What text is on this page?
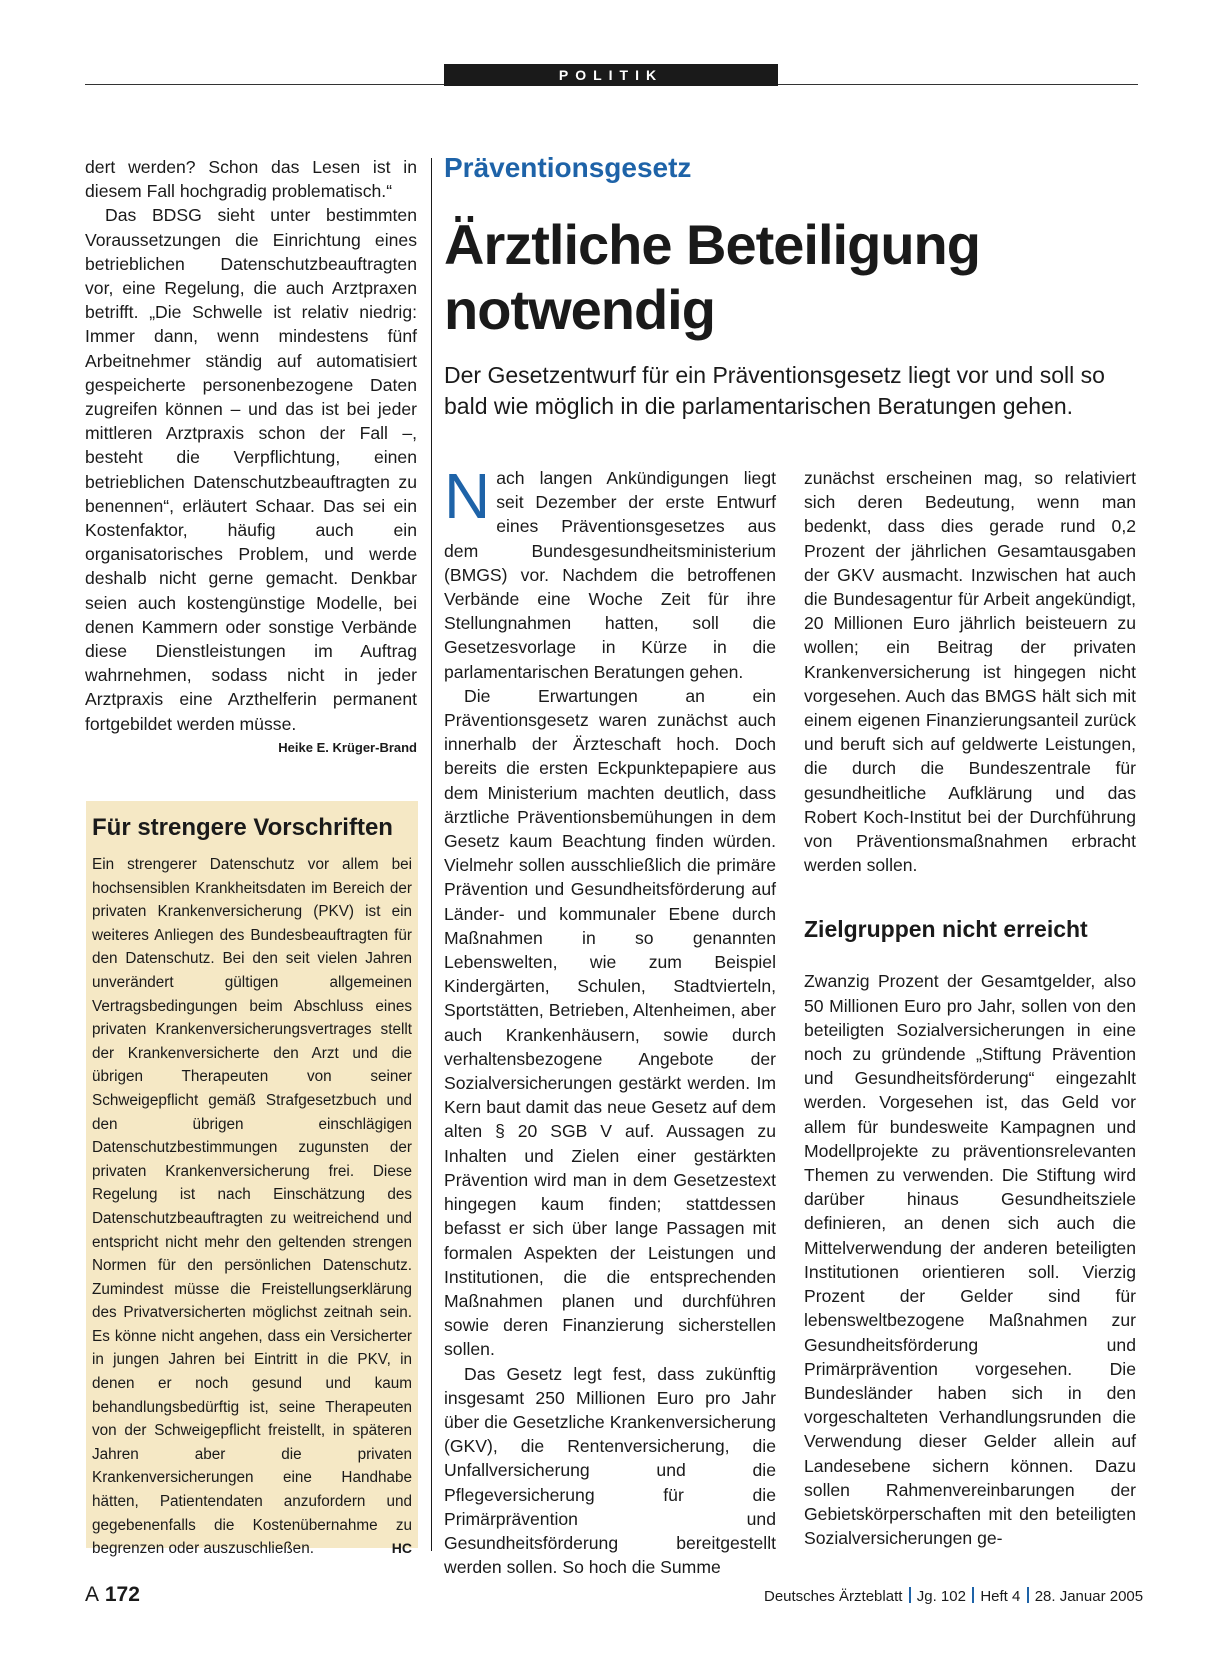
POLITIK

dert werden? Schon das Lesen ist in diesem Fall hochgradig problematisch.“

Das BDSG sieht unter bestimmten Voraussetzungen die Einrichtung eines betrieblichen Datenschutzbeauftragten vor, eine Regelung, die auch Arztpraxen betrifft. „Die Schwelle ist relativ niedrig: Immer dann, wenn mindestens fünf Arbeitnehmer ständig auf automatisiert gespeicherte personenbezogene Daten zugreifen können – und das ist bei jeder mittleren Arztpraxis schon der Fall –, besteht die Verpflichtung, einen betrieblichen Datenschutzbeauftragten zu benennen“, erläutert Schaar. Das sei ein Kostenfaktor, häufig auch ein organisatorisches Problem, und werde deshalb nicht gerne gemacht. Denkbar seien auch kostengünstige Modelle, bei denen Kammern oder sonstige Verbände diese Dienstleistungen im Auftrag wahrnehmen, sodass nicht in jeder Arztpraxis eine Arzthelferin permanent fortgebildet werden müsse.
Heike E. Krüger-Brand

Für strengere Vorschriften

Ein strengerer Datenschutz vor allem bei hochsensiblen Krankheitsdaten im Bereich der privaten Krankenversicherung (PKV) ist ein weiteres Anliegen des Bundesbeauftragten für den Datenschutz. Bei den seit vielen Jahren unverändert gültigen allgemeinen Vertragsbedingungen beim Abschluss eines privaten Krankenversicherungsvertrages stellt der Krankenversicherte den Arzt und die übrigen Therapeuten von seiner Schweigepflicht gemäß Strafgesetzbuch und den übrigen einschlägigen Datenschutzbestimmungen zugunsten der privaten Krankenversicherung frei. Diese Regelung ist nach Einschätzung des Datenschutzbeauftragten zu weitreichend und entspricht nicht mehr den geltenden strengen Normen für den persönlichen Datenschutz. Zumindest müsse die Freistellungserklärung des Privatversicherten möglichst zeitnah sein. Es könne nicht angehen, dass ein Versicherter in jungen Jahren bei Eintritt in die PKV, in denen er noch gesund und kaum behandlungsbedürftig ist, seine Therapeuten von der Schweigepflicht freistellt, in späteren Jahren aber die privaten Krankenversicherungen eine Handhabe hätten, Patientendaten anzufordern und gegebenenfalls die Kostenübernahme zu begrenzen oder auszuschließen.	HC

Präventionsgesetz
Ärztliche Beteiligung notwendig

Der Gesetzentwurf für ein Präventionsgesetz liegt vor und soll so bald wie möglich in die parlamentarischen Beratungen gehen.

Nach langen Ankündigungen liegt seit Dezember der erste Entwurf eines Präventionsgesetzes aus dem Bundesgesundheitsministerium (BMGS) vor. Nachdem die betroffenen Verbände eine Woche Zeit für ihre Stellungnahmen hatten, soll die Gesetzesvorlage in Kürze in die parlamentarischen Beratungen gehen.

Die Erwartungen an ein Präventionsgesetz waren zunächst auch innerhalb der Ärzteschaft hoch. Doch bereits die ersten Eckpunktepapiere aus dem Ministerium machten deutlich, dass ärztliche Präventionsbemühungen in dem Gesetz kaum Beachtung finden würden. Vielmehr sollen ausschließlich die primäre Prävention und Gesundheitsförderung auf Länder- und kommunaler Ebene durch Maßnahmen in so genannten Lebenswelten, wie zum Beispiel Kindergärten, Schulen, Stadtvierteln, Sportstätten, Betrieben, Altenheimen, aber auch Krankenhäusern, sowie durch verhaltensbezogene Angebote der Sozialversicherungen gestärkt werden. Im Kern baut damit das neue Gesetz auf dem alten § 20 SGB V auf. Aussagen zu Inhalten und Zielen einer gestärkten Prävention wird man in dem Gesetzestext hingegen kaum finden; stattdessen befasst er sich über lange Passagen mit formalen Aspekten der Leistungen und Institutionen, die die entsprechenden Maßnahmen planen und durchführen sowie deren Finanzierung sicherstellen sollen.

Das Gesetz legt fest, dass zukünftig insgesamt 250 Millionen Euro pro Jahr über die Gesetzliche Krankenversicherung (GKV), die Rentenversicherung, die Unfallversicherung und die Pflegeversicherung für die Primärprävention und Gesundheitsförderung bereitgestellt werden sollen. So hoch die Summe

zunächst erscheinen mag, so relativiert sich deren Bedeutung, wenn man bedenkt, dass dies gerade rund 0,2 Prozent der jährlichen Gesamtausgaben der GKV ausmacht. Inzwischen hat auch die Bundesagentur für Arbeit angekündigt, 20 Millionen Euro jährlich beisteuern zu wollen; ein Beitrag der privaten Krankenversicherung ist hingegen nicht vorgesehen. Auch das BMGS hält sich mit einem eigenen Finanzierungsanteil zurück und beruft sich auf geldwerte Leistungen, die durch die Bundeszentrale für gesundheitliche Aufklärung und das Robert Koch-Institut bei der Durchführung von Präventionsmaßnahmen erbracht werden sollen.

Zielgruppen nicht erreicht

Zwanzig Prozent der Gesamtgelder, also 50 Millionen Euro pro Jahr, sollen von den beteiligten Sozialversicherungen in eine noch zu gründende „Stiftung Prävention und Gesundheitsförderung“ eingezahlt werden. Vorgesehen ist, das Geld vor allem für bundesweite Kampagnen und Modellprojekte zu präventionsrelevanten Themen zu verwenden. Die Stiftung wird darüber hinaus Gesundheitsziele definieren, an denen sich auch die Mittelverwendung der anderen beteiligten Institutionen orientieren soll. Vierzig Prozent der Gelder sind für lebensweltbezogene Maßnahmen zur Gesundheitsförderung und Primärprävention vorgesehen. Die Bundesländer haben sich in den vorgeschalteten Verhandlungsrunden die Verwendung dieser Gelder allein auf Landesebene sichern können. Dazu sollen Rahmenvereinbarungen der Gebietskörperschaften mit den beteiligten Sozialversicherungen ge-

A 172	Deutsches Ärzteblatt Jg. 102 Heft 4 28. Januar 2005
